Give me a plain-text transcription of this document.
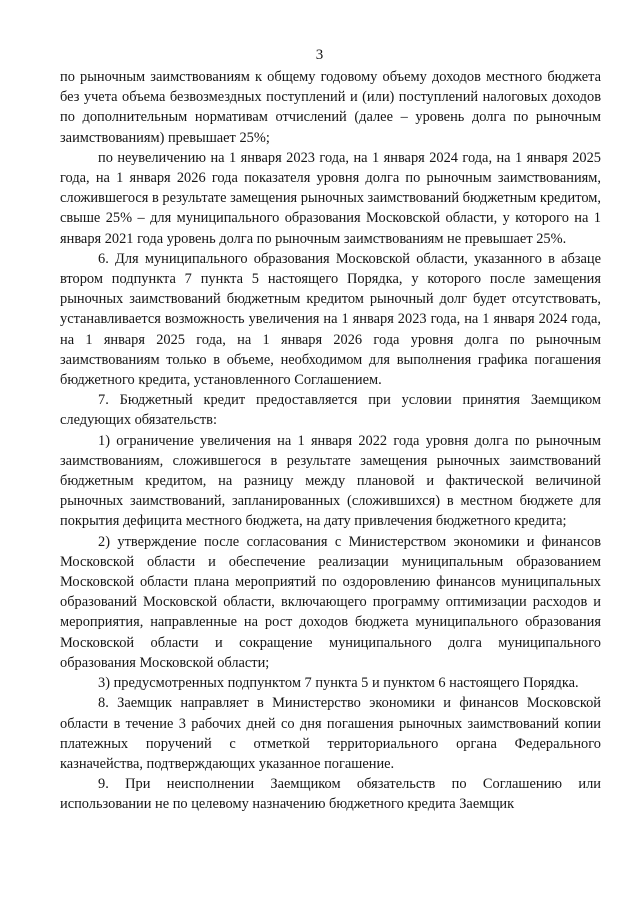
3

по рыночным заимствованиям к общему годовому объему доходов местного бюджета без учета объема безвозмездных поступлений и (или) поступлений налоговых доходов по дополнительным нормативам отчислений (далее – уровень долга по рыночным заимствованиям) превышает 25%;

по неувеличению на 1 января 2023 года, на 1 января 2024 года, на 1 января 2025 года, на 1 января 2026 года показателя уровня долга по рыночным заимствованиям, сложившегося в результате замещения рыночных заимствований бюджетным кредитом, свыше 25% – для муниципального образования Московской области, у которого на 1 января 2021 года уровень долга по рыночным заимствованиям не превышает 25%.

6. Для муниципального образования Московской области, указанного в абзаце втором подпункта 7 пункта 5 настоящего Порядка, у которого после замещения рыночных заимствований бюджетным кредитом рыночный долг будет отсутствовать, устанавливается возможность увеличения на 1 января 2023 года, на 1 января 2024 года, на 1 января 2025 года, на 1 января 2026 года уровня долга по рыночным заимствованиям только в объеме, необходимом для выполнения графика погашения бюджетного кредита, установленного Соглашением.

7. Бюджетный кредит предоставляется при условии принятия Заемщиком следующих обязательств:

1) ограничение увеличения на 1 января 2022 года уровня долга по рыночным заимствованиям, сложившегося в результате замещения рыночных заимствований бюджетным кредитом, на разницу между плановой и фактической величиной рыночных заимствований, запланированных (сложившихся) в местном бюджете для покрытия дефицита местного бюджета, на дату привлечения бюджетного кредита;

2) утверждение после согласования с Министерством экономики и финансов Московской области и обеспечение реализации муниципальным образованием Московской области плана мероприятий по оздоровлению финансов муниципальных образований Московской области, включающего программу оптимизации расходов и мероприятия, направленные на рост доходов бюджета муниципального образования Московской области и сокращение муниципального долга муниципального образования Московской области;

3) предусмотренных подпунктом 7 пункта 5 и пунктом 6 настоящего Порядка.

8. Заемщик направляет в Министерство экономики и финансов Московской области в течение 3 рабочих дней со дня погашения рыночных заимствований копии платежных поручений с отметкой территориального органа Федерального казначейства, подтверждающих указанное погашение.

9. При неисполнении Заемщиком обязательств по Соглашению или использовании не по целевому назначению бюджетного кредита Заемщик
